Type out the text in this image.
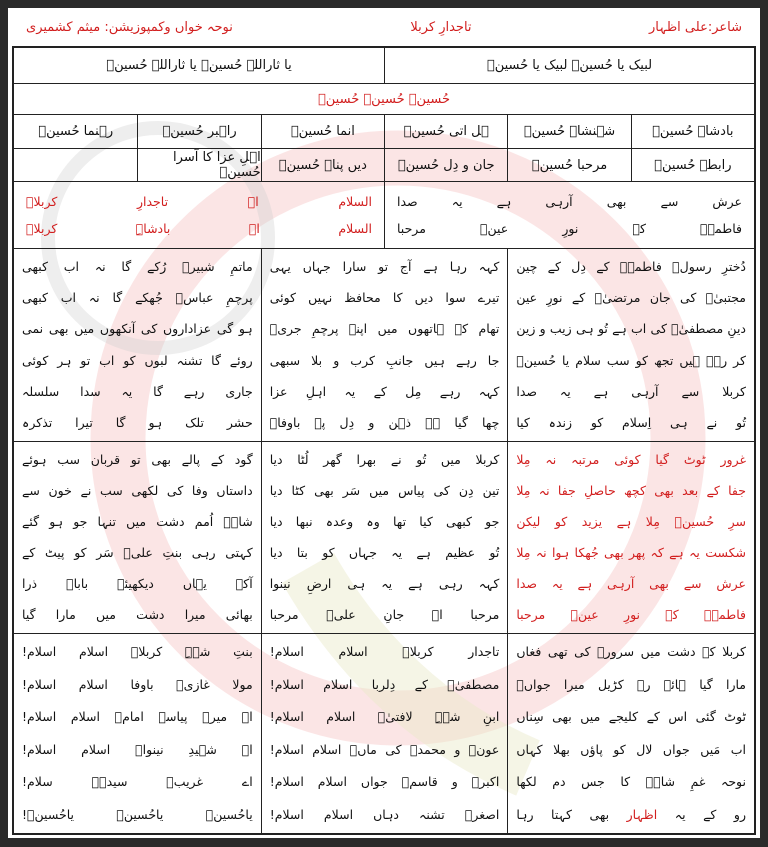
شاعر:علی اظہار
تاجدارِ کربلا
نوحہ خواں وکمپوزیشن: میثم کشمیری
لبیک یا حُسینؑ لبیک یا حُسینؑ
یا ثاراللہ حُسینؑ یا ثاراللہ حُسینؑ
حُسینؑ حُسینؑ حُسینؑ
بادشاہ حُسینؑ
شہنشاہ حُسینؑ
ہل اتی حُسینؑ
انما حُسینؑ
راہبر حُسینؑ
رہنما حُسینؑ
رابطہ حُسینؑ
مرحبا حُسینؑ
جان و دِل حُسینؑ
دیں پناہ حُسینؑ
اہلِ عزا کا آسرا حُسینؑ
عرش سے بھی آرہی ہے یہ صدا
فاطمہؑ کے نورِ عینؑ مرحبا
السلام اے تاجدارِ کربلاؑ
السلام اے بادشاہِ کربلاؑ
دُخترِ رسولؐ فاطمہؑ کے دِل کے چین
مجتبیٰؑ کی جان مرتضیٰؑ کے نورِ عین
دینِ مصطفیٰؐ کی اب ہے تُو ہی زیب و زین
کر رہے ہیں تجھ کو سب سلام یا حُسینؑ
کربلا سے آرہی ہے یہ صدا
تُو نے ہی اِسلام کو زندہ کیا
کہہ رہا ہے آج تو سارا جہاں یہی
تیرے سوا دیں کا محافظ نہیں کوئی
تھام کے ہاتھوں میں اپنے پرچمِ جریؑ
جا رہے ہیں جانبِ کرب و بلا سبھی
کہہ رہے مِل کے یہ اہلِ عزا
چھا گیا ہے ذہن و دِل پہ باوفاؑ
ماتمِ شبیرؑ رُکے گا نہ اب کبھی
پرچمِ عباسؑ جُھکے گا نہ اب کبھی
ہو گی عزاداروں کی آنکھوں میں بھی نمی
روئے گا تشنہ لبوں کو اب تو ہر کوئی
جاری رہے گا یہ سدا سلسلہ
حشر تلک ہو گا تیرا تذکرہ
غرور ٹوٹ گیا کوئی مرتبہ نہ مِلا
جفا کے بعد بھی کچھ حاصلِ جفا نہ مِلا
سرِ حُسینؑ مِلا ہے یزید کو لیکن
شکست یہ ہے کہ پھر بھی جُھکا ہوا نہ مِلا
عرش سے بھی آرہی ہے یہ صدا
فاطمہؑ کے نورِ عینؑ مرحبا
کربلا میں تُو نے بھرا گھر لُٹا دیا
تین دِن کی پیاس میں سَر بھی کٹا دیا
جو کبھی کیا تھا وہ وعدہ نبھا دیا
تُو عظیم ہے یہ جہاں کو بتا دیا
کہہ رہی ہے یہ ہی ارضِ نینوا
مرحبا اے جانِ علیؑ مرحبا
گود کے پالے بھی تو قربان سب ہوئے
داستاں وفا کی لکھی سب نے خون سے
شاہؑ اُمم دشت میں تنہا جو ہو گئے
کہتی رہی بنتِ علیؑ سَر کو پیٹ کے
آکے یہاں دیکھیئے باباؑ ذرا
بھائی میرا دشت میں مارا گیا
کربلا کے دشت میں سرورؑ کی تھی فغاں
مارا گیا ہائے رے کڑیل میرا جواںؑ
ٹوٹ گئی اس کے کلیجے میں بھی سِناں
اب مَیں جواں لال کو پاؤں بھلا کہاں
نوحہ غمِ شاہؑ کا جس دم لکھا
رو کے یہ اظہار بھی کہتا رہا
تاجدار کربلاؑ اسلام اسلام!
مصطفیٰؐ کے دِلربا اسلام اسلام!
ابنِ شہہِ لافتیٰؑ اسلام اسلام!
عونؑ و محمدؑ کی ماںؑ اسلام اسلام!
اکبرؑ و قاسمؑ جواں اسلام اسلام!
اصغرؑ تشنہ دہاں اسلام اسلام!
بنتِ شہہِ کربلاؑ اسلام اسلام!
مولا غازیؑ باوفا اسلام اسلام!
اے میرے پیاسے امامؑ اسلام اسلام!
اے شہیدِ نینواؑ اسلام اسلام!
اے غریبؑ سیدہؑ سلام!
یاحُسینؑ یاحُسینؑ یاحُسینؑ!
